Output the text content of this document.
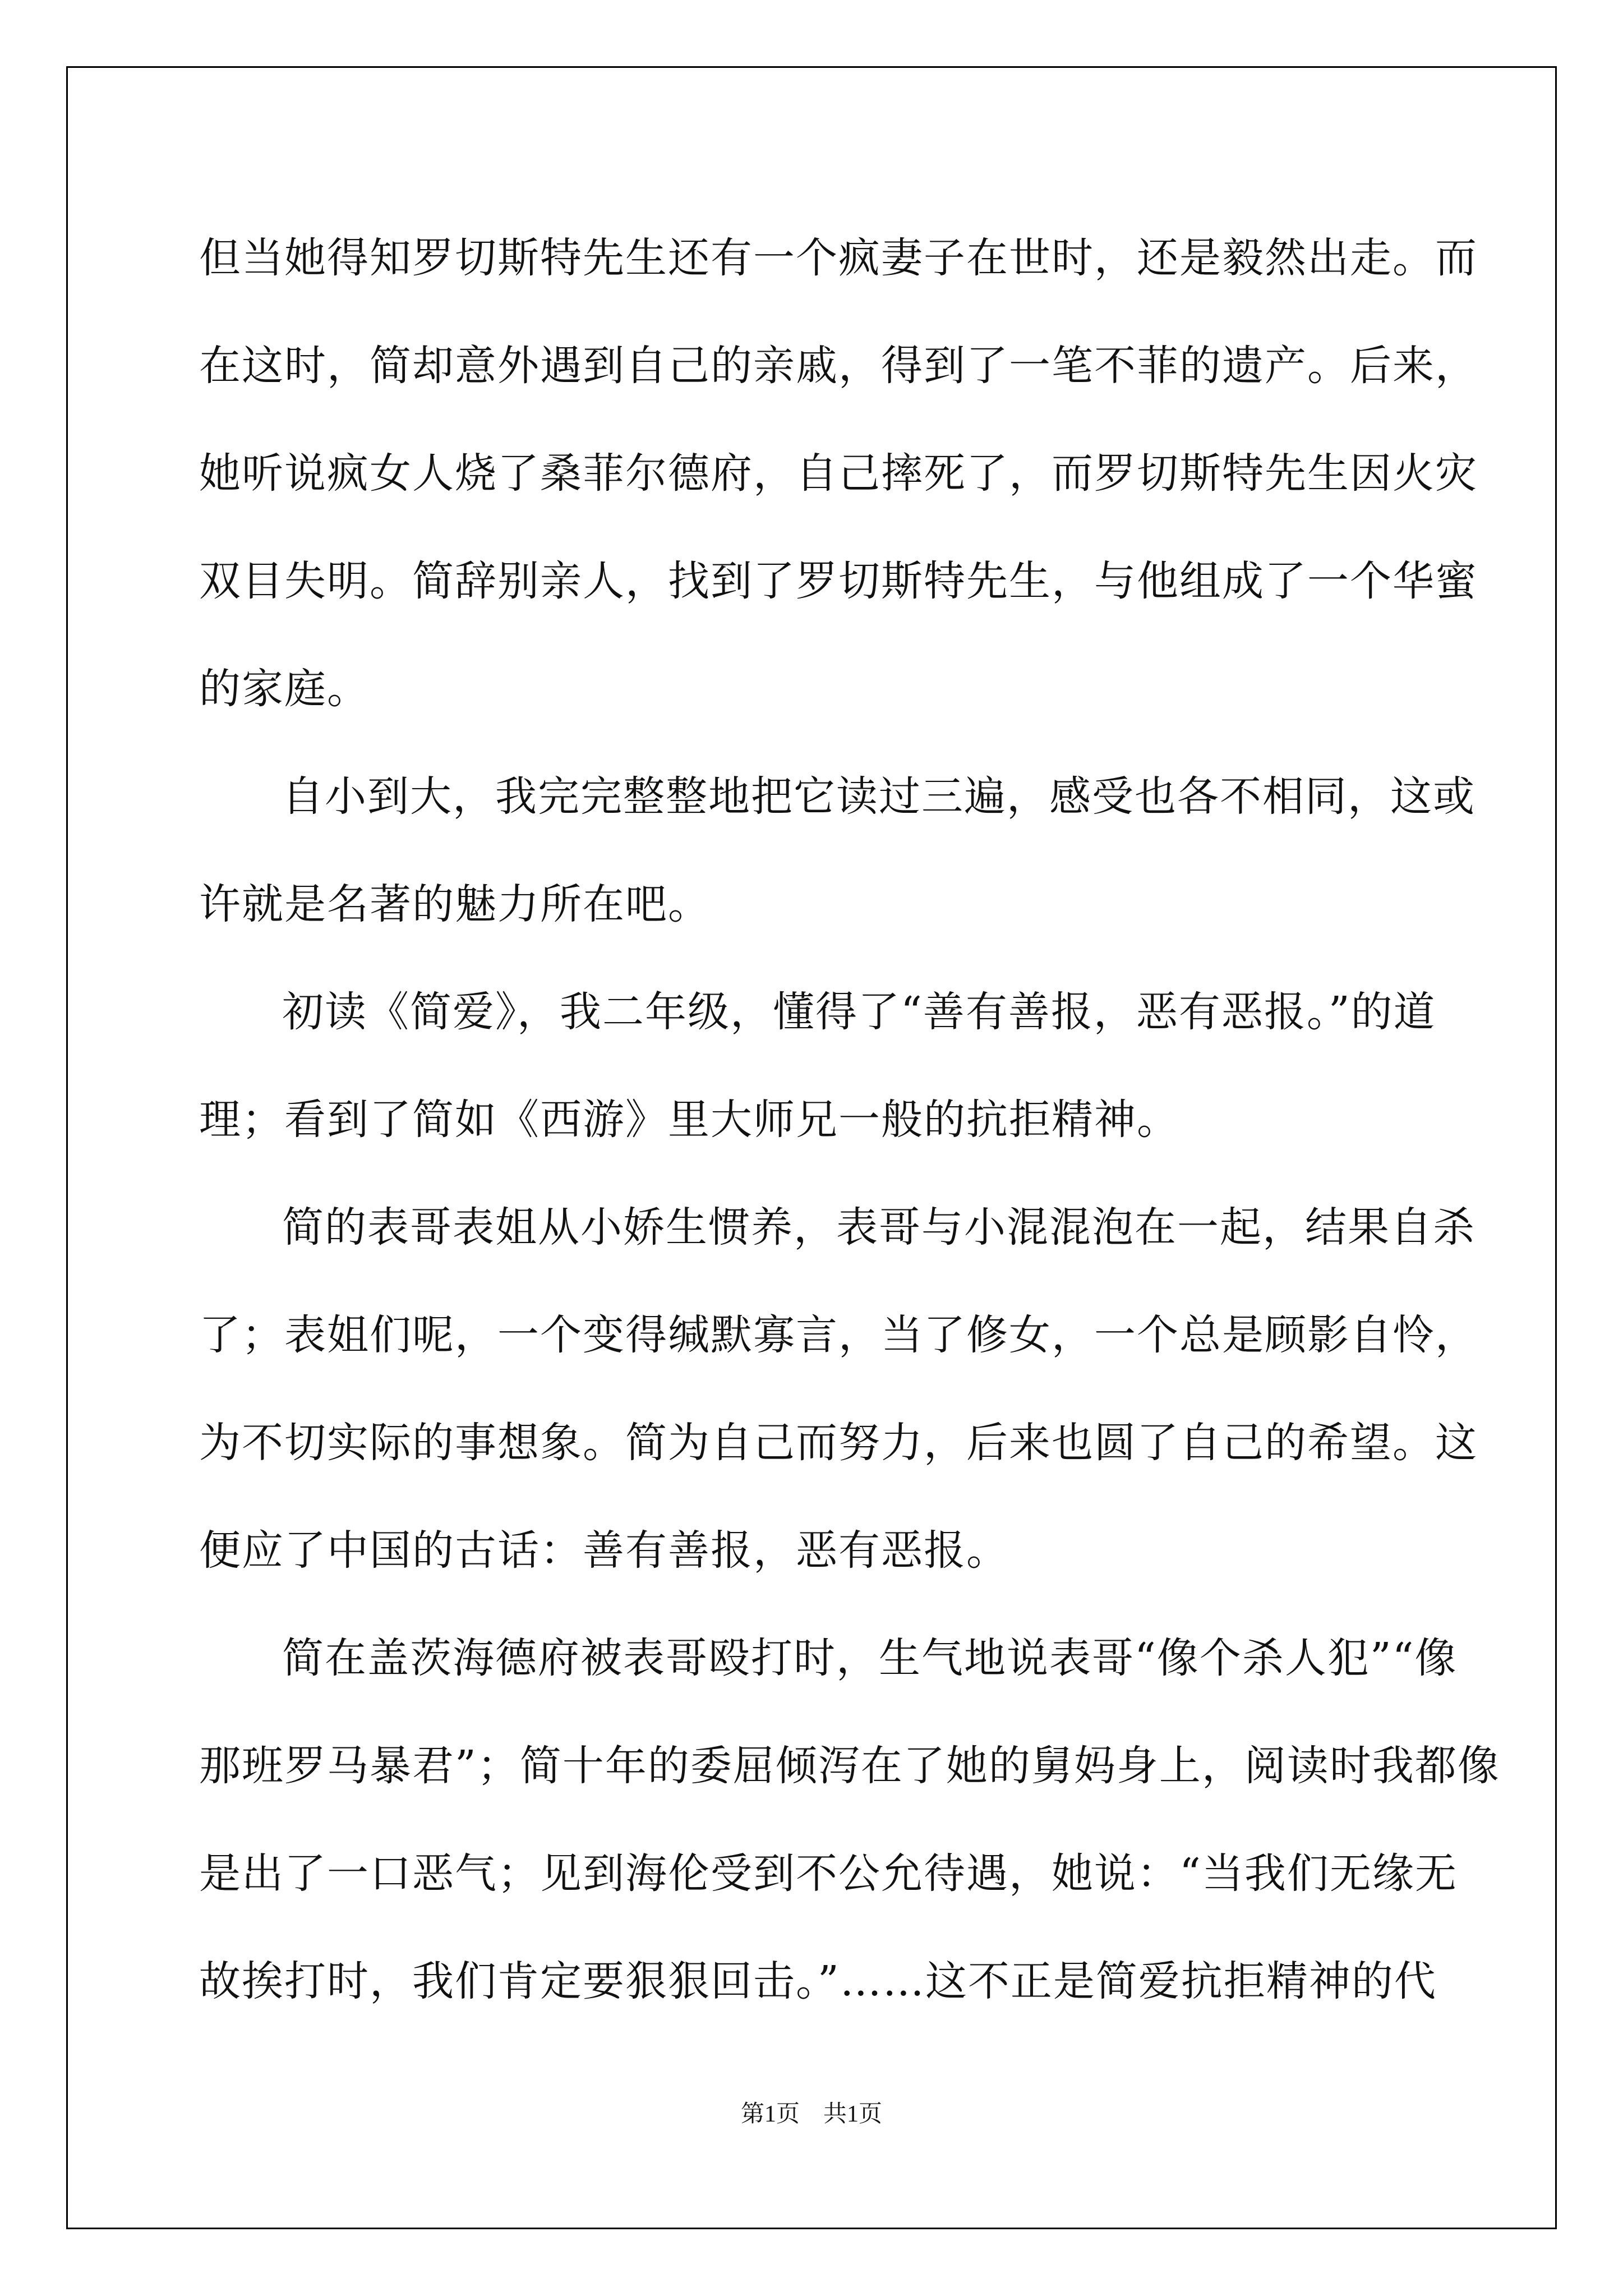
但当她得知罗切斯特先生还有一个疯妻子在世时，还是毅然出走。而
在这时，简却意外遇到自己的亲戚，得到了一笔不菲的遗产。后来，
她听说疯女人烧了桑菲尔德府，自己摔死了，而罗切斯特先生因火灾
双目失明。简辞别亲人，找到了罗切斯特先生，与他组成了一个华蜜
的家庭。
自小到大，我完完整整地把它读过三遍，感受也各不相同，这或
许就是名著的魅力所在吧。
初读《简爱》，我二年级，懂得了“善有善报，恶有恶报。”的道
理；看到了简如《西游》里大师兄一般的抗拒精神。
简的表哥表姐从小娇生惯养，表哥与小混混泡在一起，结果自杀
了；表姐们呢，一个变得缄默寡言，当了修女，一个总是顾影自怜，
为不切实际的事想象。简为自己而努力，后来也圆了自己的希望。这
便应了中国的古话：善有善报，恶有恶报。
简在盖茨海德府被表哥殴打时，生气地说表哥“像个杀人犯”“像
那班罗马暴君”；简十年的委屈倾泻在了她的舅妈身上，阅读时我都像
是出了一口恶气；见到海伦受到不公允待遇，她说：“当我们无缘无
故挨打时，我们肯定要狠狠回击。”……这不正是简爱抗拒精神的代
第1页　共1页
